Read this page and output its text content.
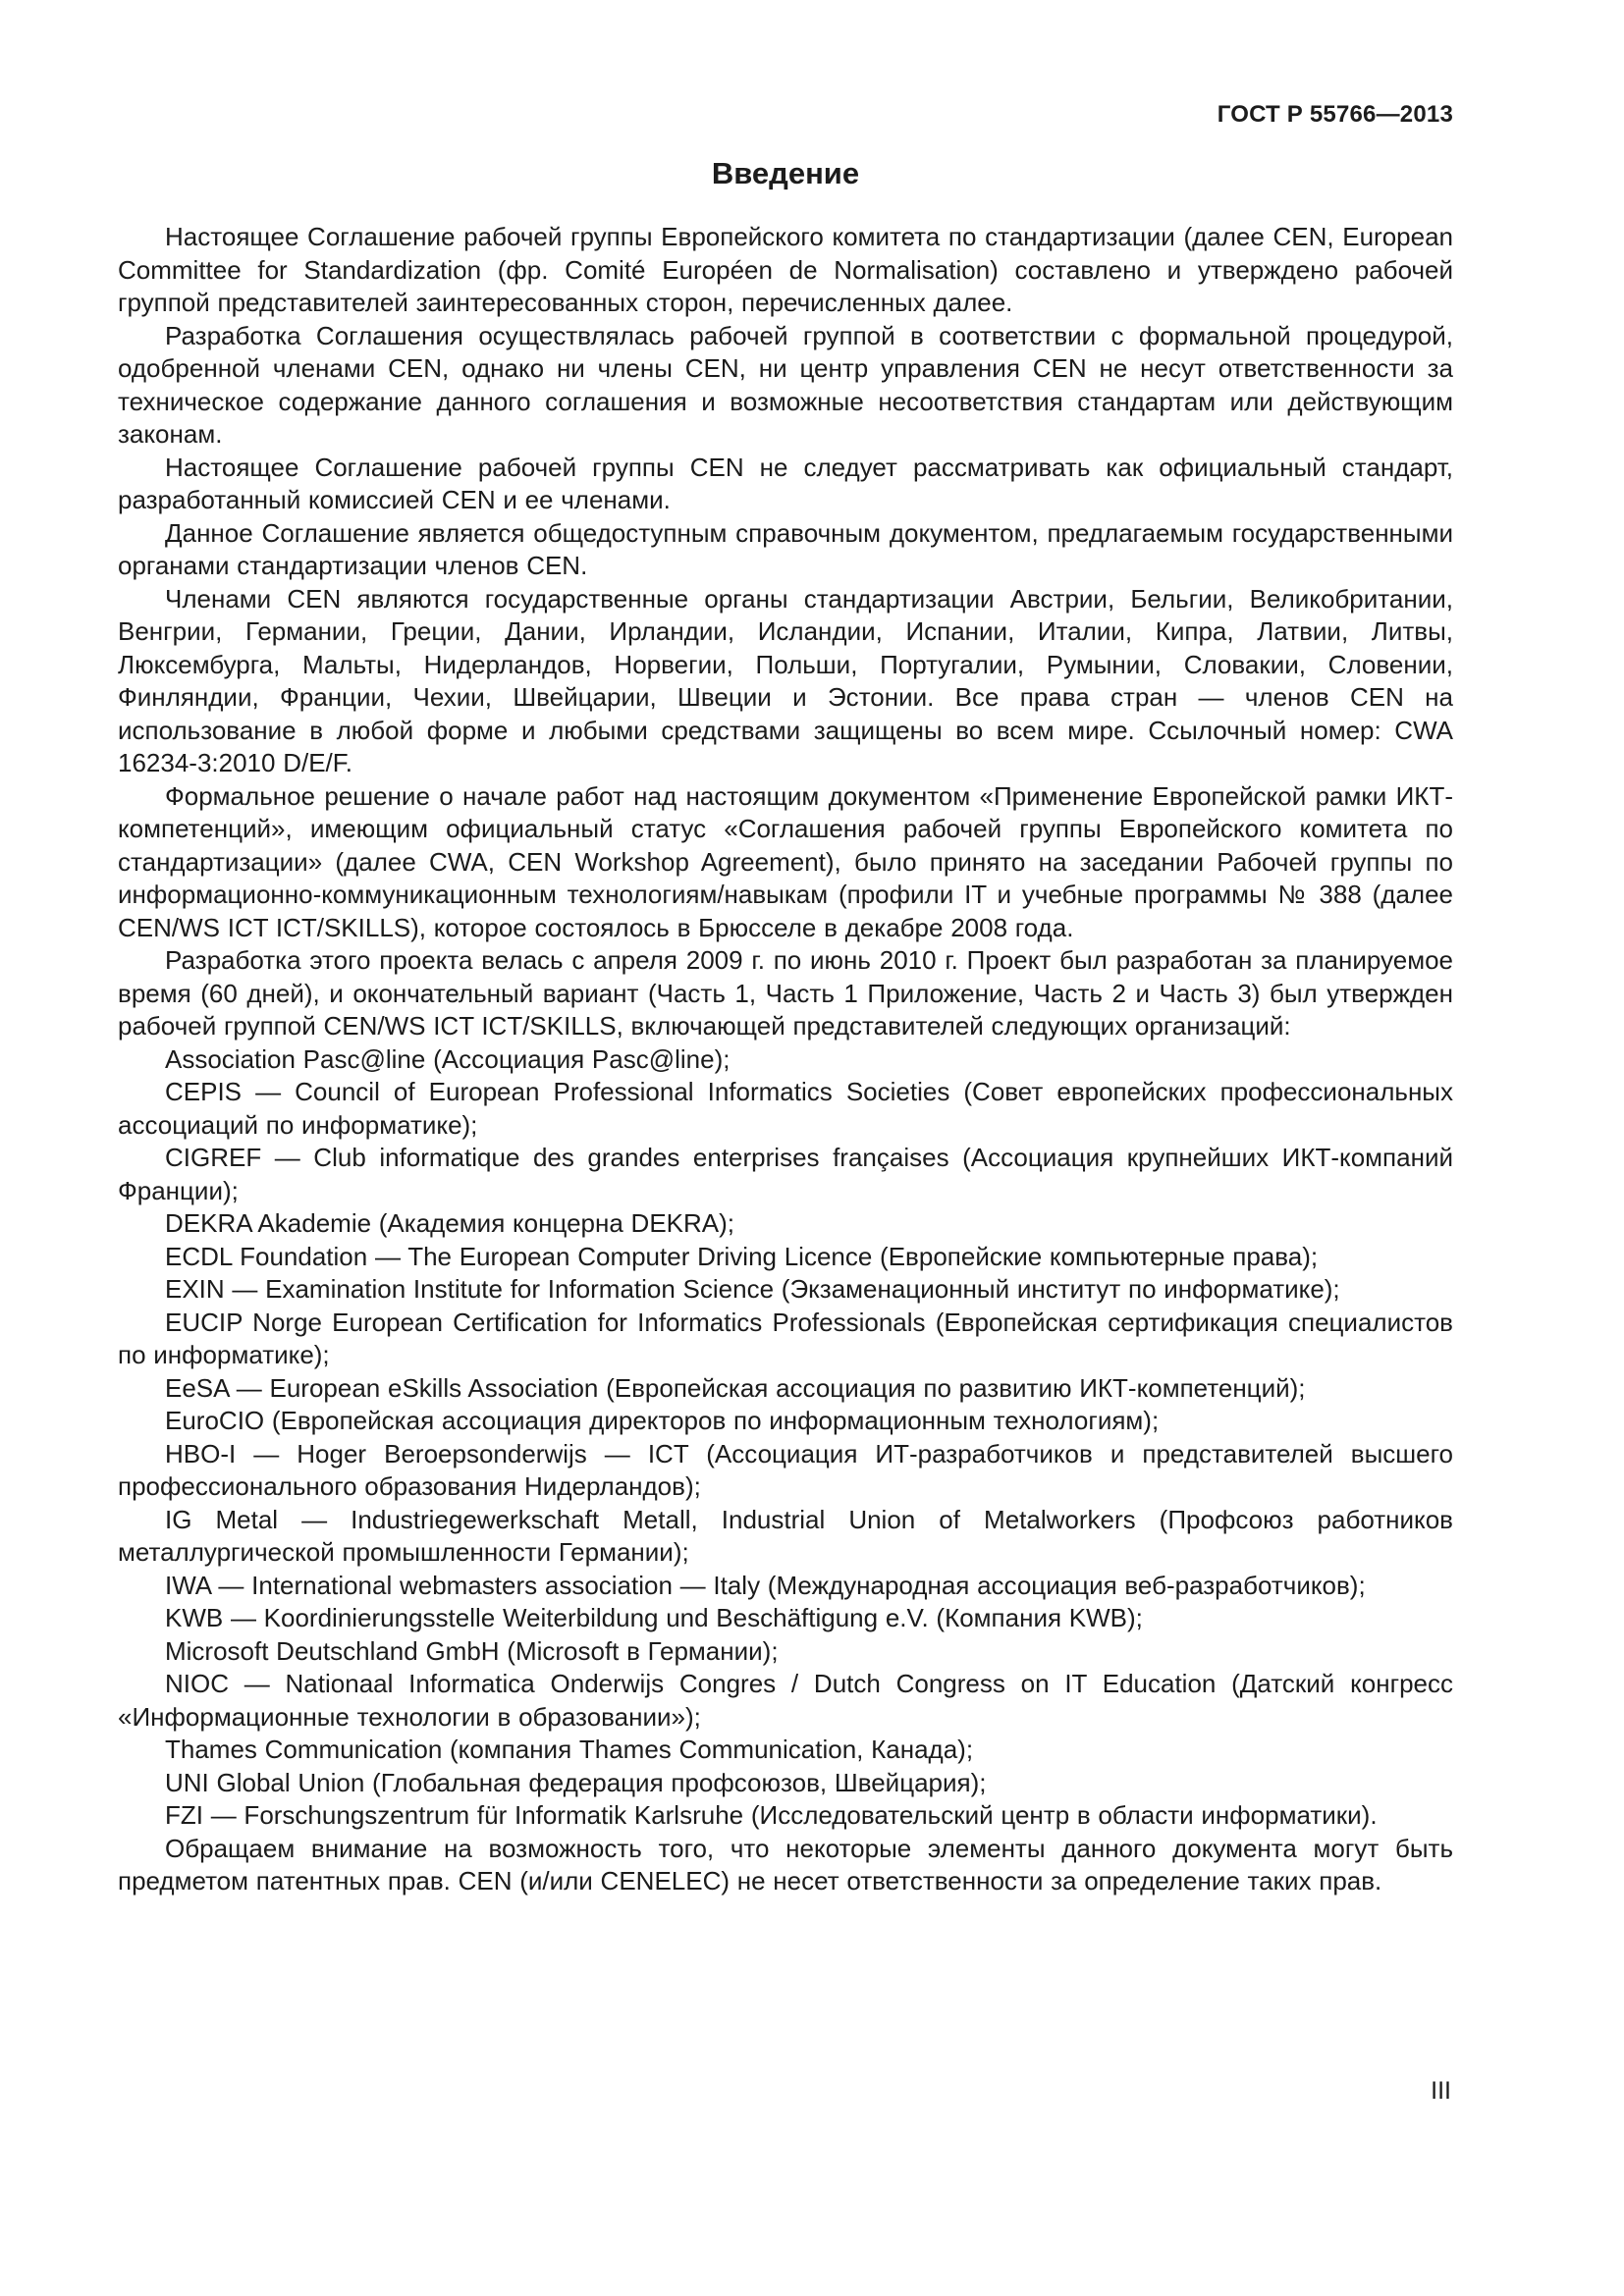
ГОСТ Р 55766—2013
Введение

Настоящее Соглашение рабочей группы Европейского комитета по стандартизации (далее CEN, European Committee for Standardization (фр. Comité Européen de Normalisation) составлено и утверждено рабочей группой представителей заинтересованных сторон, перечисленных далее.

Разработка Соглашения осуществлялась рабочей группой в соответствии с формальной процедурой, одобренной членами CEN, однако ни члены CEN, ни центр управления CEN не несут ответственности за техническое содержание данного соглашения и возможные несоответствия стандартам или действующим законам.

Настоящее Соглашение рабочей группы CEN не следует рассматривать как официальный стандарт, разработанный комиссией CEN и ее членами.

Данное Соглашение является общедоступным справочным документом, предлагаемым государственными органами стандартизации членов CEN.

Членами CEN являются государственные органы стандартизации Австрии, Бельгии, Великобритании, Венгрии, Германии, Греции, Дании, Ирландии, Исландии, Испании, Италии, Кипра, Латвии, Литвы, Люксембурга, Мальты, Нидерландов, Норвегии, Польши, Португалии, Румынии, Словакии, Словении, Финляндии, Франции, Чехии, Швейцарии, Швеции и Эстонии. Все права стран — членов CEN на использование в любой форме и любыми средствами защищены во всем мире. Ссылочный номер: CWA 16234-3:2010 D/E/F.

Формальное решение о начале работ над настоящим документом «Применение Европейской рамки ИКТ-компетенций», имеющим официальный статус «Соглашения рабочей группы Европейского комитета по стандартизации» (далее CWA, CEN Workshop Agreement), было принято на заседании Рабочей группы по информационно-коммуникационным технологиям/навыкам (профили IT и учебные программы № 388 (далее CEN/WS ICT ICT/SKILLS), которое состоялось в Брюсселе в декабре 2008 года.

Разработка этого проекта велась с апреля 2009 г. по июнь 2010 г. Проект был разработан за планируемое время (60 дней), и окончательный вариант (Часть 1, Часть 1 Приложение, Часть 2 и Часть 3) был утвержден рабочей группой CEN/WS ICT ICT/SKILLS, включающей представителей следующих организаций:

Association Pasc@line (Ассоциация Pasc@line);

CEPIS — Council of European Professional Informatics Societies (Совет европейских профессиональных ассоциаций по информатике);

CIGREF — Club informatique des grandes enterprises françaises (Ассоциация крупнейших ИКТ-компаний Франции);

DEKRA Akademie (Академия концерна DEKRA);

ECDL Foundation — The European Computer Driving Licence (Европейские компьютерные права);

EXIN — Examination Institute for Information Science (Экзаменационный институт по информатике);

EUCIP Norge European Certification for Informatics Professionals (Европейская сертификация специалистов по информатике);

EeSA — European eSkills Association (Европейская ассоциация по развитию ИКТ-компетенций);

EuroCIO (Европейская ассоциация директоров по информационным технологиям);

HBO-I — Hoger Beroepsonderwijs — ICT (Ассоциация ИТ-разработчиков и представителей высшего профессионального образования Нидерландов);

IG Metal — Industriegewerkschaft Metall, Industrial Union of Metalworkers (Профсоюз работников металлургической промышленности Германии);

IWA — International webmasters association — Italy (Международная ассоциация веб-разработчиков);

KWB — Koordinierungsstelle Weiterbildung und Beschäftigung e.V. (Компания KWB);

Microsoft Deutschland GmbH (Microsoft в Германии);

NIOC — Nationaal Informatica Onderwijs Congres / Dutch Congress on IT Education (Датский конгресс «Информационные технологии в образовании»);

Thames Communication (компания Thames Communication, Канада);

UNI Global Union (Глобальная федерация профсоюзов, Швейцария);

FZI — Forschungszentrum für Informatik Karlsruhe (Исследовательский центр в области информатики).

Обращаем внимание на возможность того, что некоторые элементы данного документа могут быть предметом патентных прав. CEN (и/или CENELEC) не несет ответственности за определение таких прав.

III
